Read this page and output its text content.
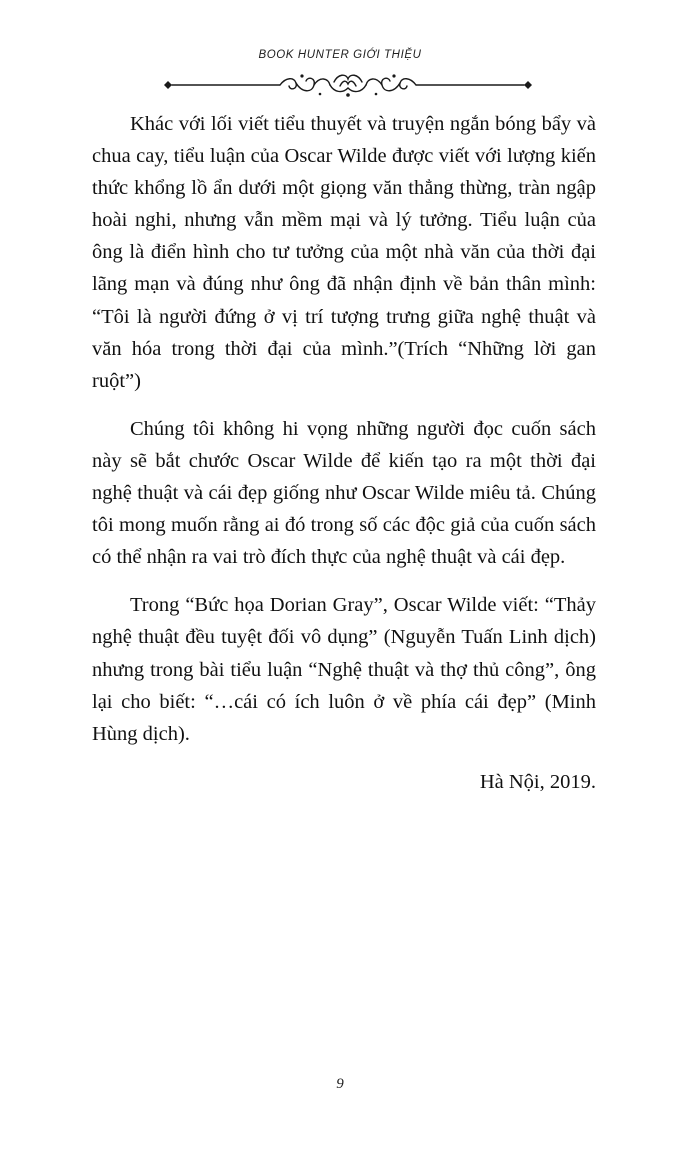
BOOK HUNTER GIỚI THIỆU

Khác với lối viết tiểu thuyết và truyện ngắn bóng bẩy và chua cay, tiểu luận của Oscar Wilde được viết với lượng kiến thức khổng lồ ẩn dưới một giọng văn thẳng thừng, tràn ngập hoài nghi, nhưng vẫn mềm mại và lý tưởng. Tiểu luận của ông là điển hình cho tư tưởng của một nhà văn của thời đại lãng mạn và đúng như ông đã nhận định về bản thân mình: “Tôi là người đứng ở vị trí tượng trưng giữa nghệ thuật và văn hóa trong thời đại của mình.”(Trích “Những lời gan ruột”)

Chúng tôi không hi vọng những người đọc cuốn sách này sẽ bắt chước Oscar Wilde để kiến tạo ra một thời đại nghệ thuật và cái đẹp giống như Oscar Wilde miêu tả. Chúng tôi mong muốn rằng ai đó trong số các độc giả của cuốn sách có thể nhận ra vai trò đích thực của nghệ thuật và cái đẹp.

Trong “Bức họa Dorian Gray”, Oscar Wilde viết: “Thảy nghệ thuật đều tuyệt đối vô dụng” (Nguyễn Tuấn Linh dịch) nhưng trong bài tiểu luận “Nghệ thuật và thợ thủ công”, ông lại cho biết: “…cái có ích luôn ở về phía cái đẹp” (Minh Hùng dịch).

Hà Nội, 2019.

9
